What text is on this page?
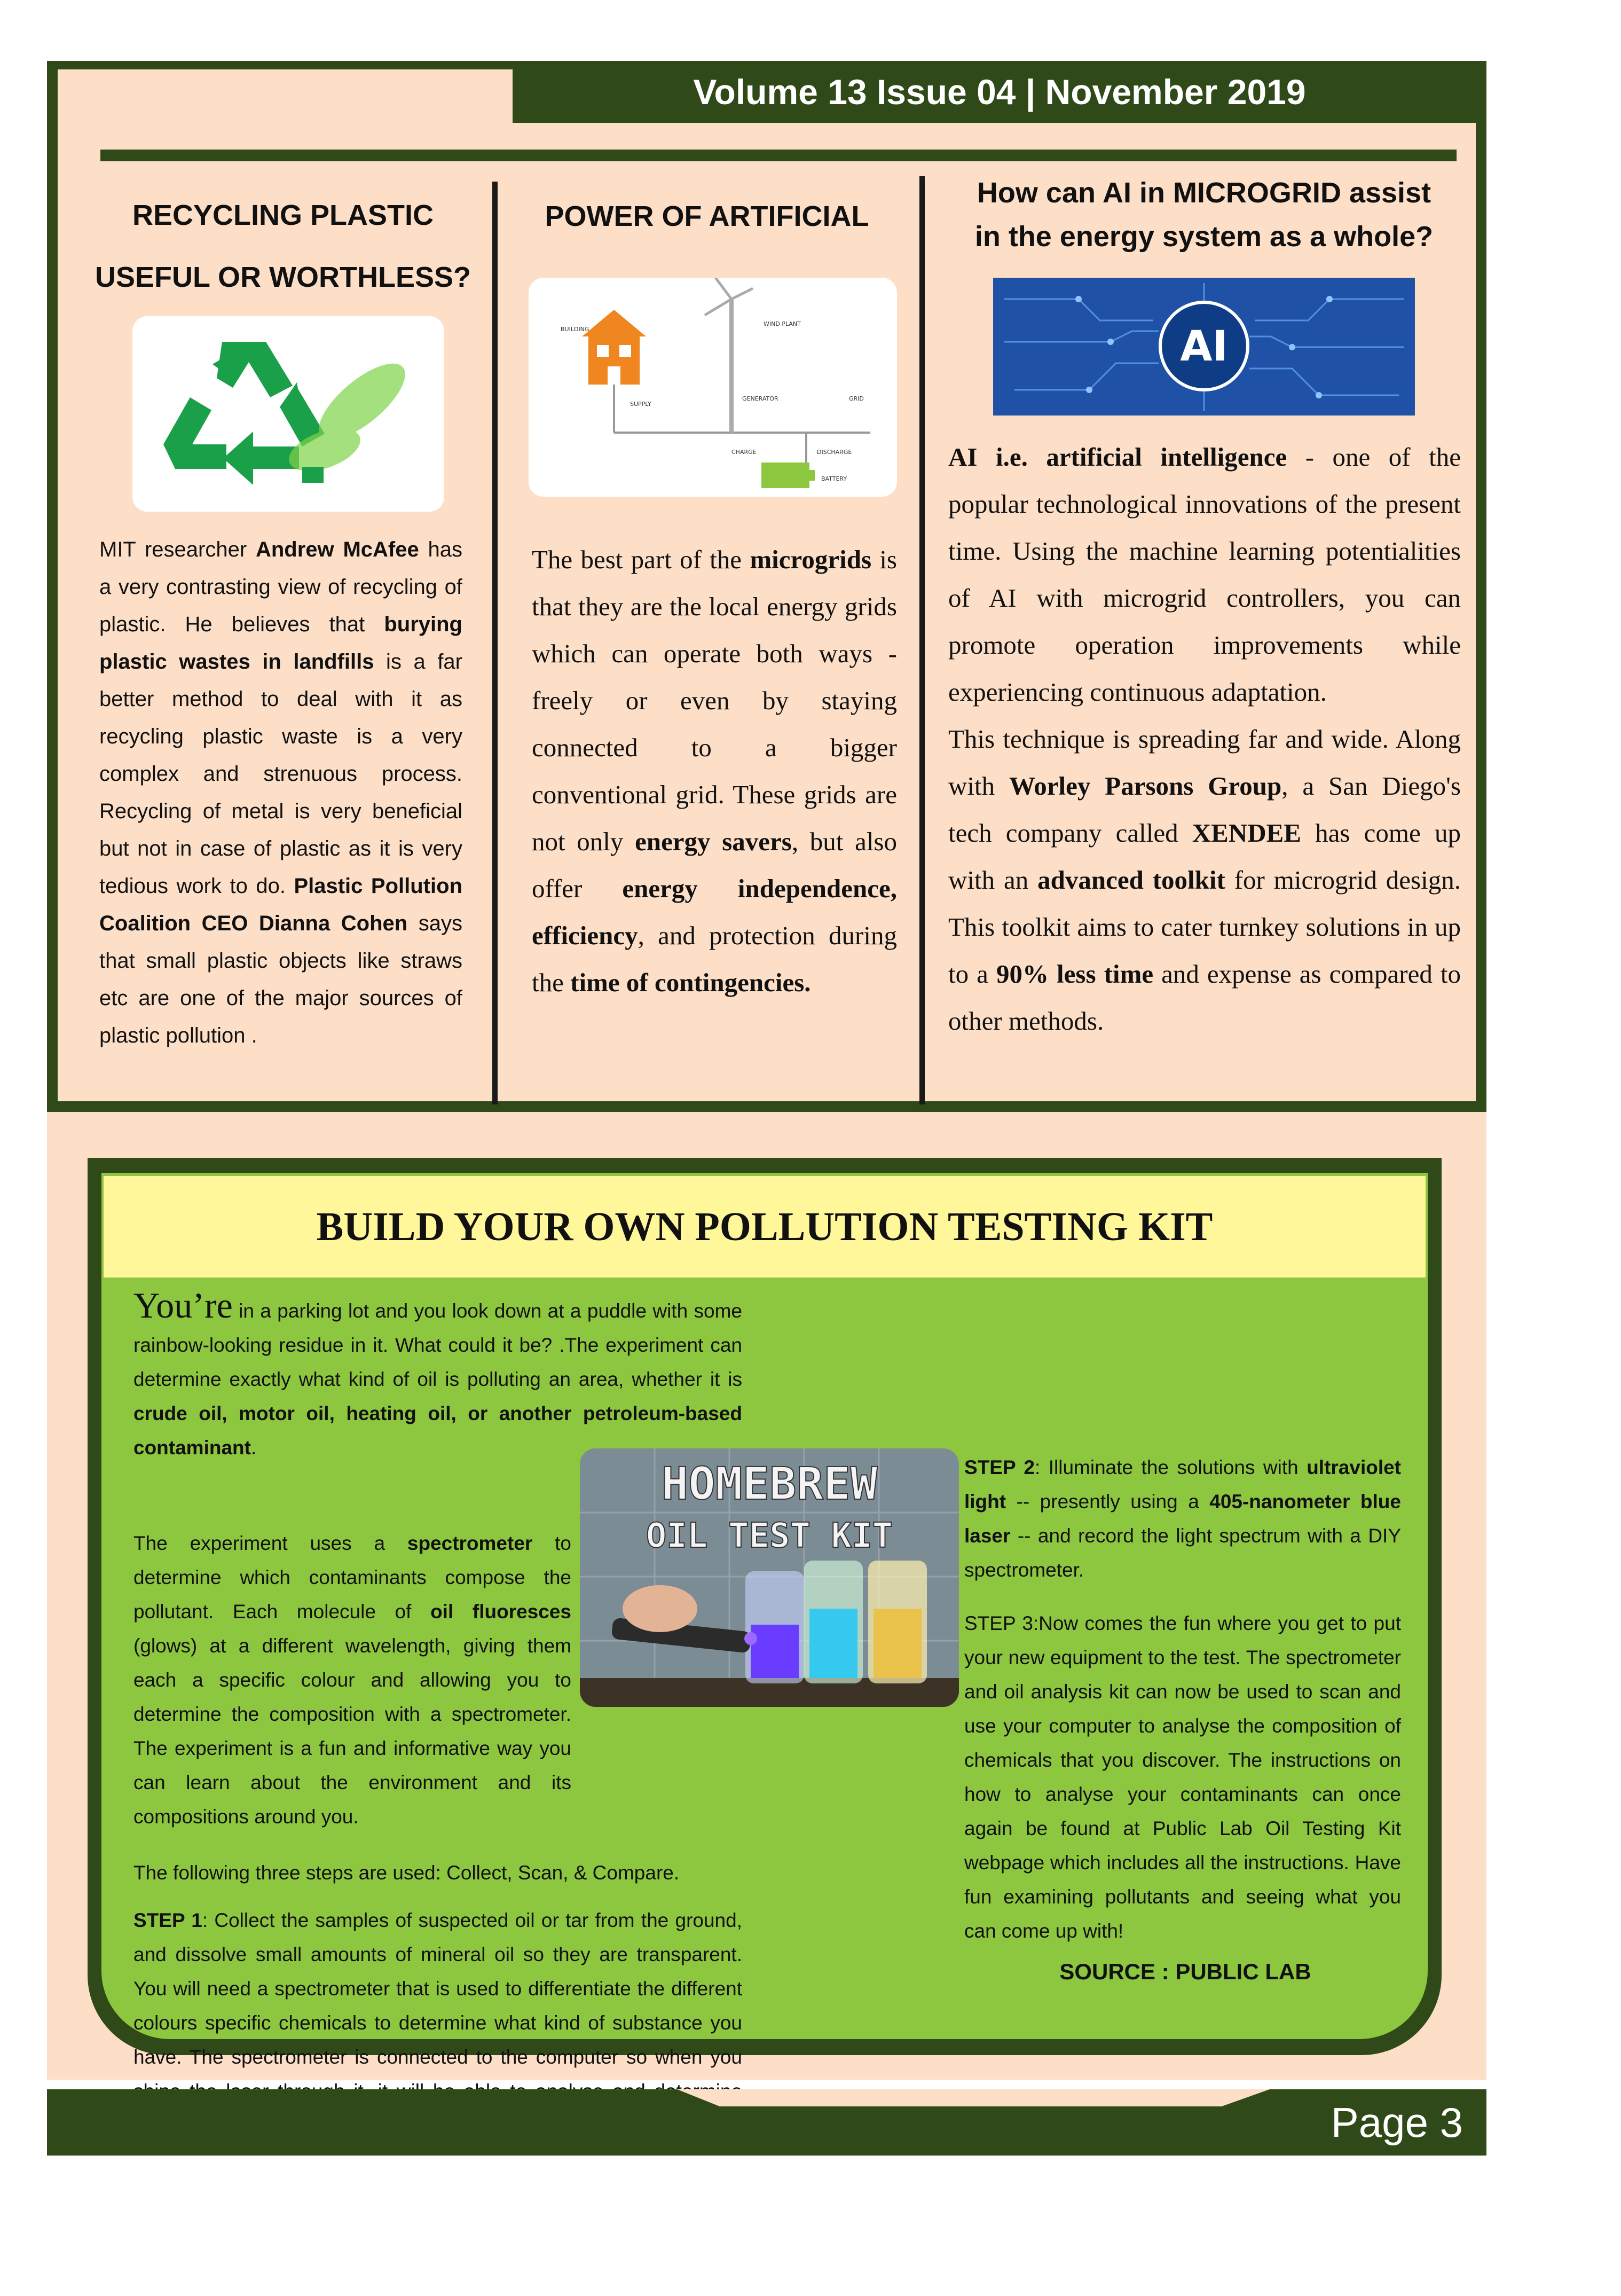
Volume 13 Issue 04 | November 2019
RECYCLING PLASTIC
USEFUL OR WORTHLESS?
MIT researcher Andrew McAfee has a very contrasting view of recycling of plastic. He believes that burying plastic wastes in landfills is a far better method to deal with it as recycling plastic waste is a very complex and strenuous process. Recycling of metal is very beneficial but not in case of plastic as it is very tedious work to do. Plastic Pollution Coalition CEO Dianna Cohen says that small plastic objects like straws etc are one of the major sources of plastic pollution .
POWER OF ARTIFICIAL
BUILDING
SUPPLY
WIND PLANT
GENERATOR	GRID
CHARGE	DISCHARGE
BATTERY
The best part of the microgrids is that they are the local energy grids which can operate both ways - freely or even by staying connected to a bigger conventional grid. These grids are not only energy savers, but also offer energy independence, efficiency, and protection during the time of contingencies.
How can AI in MICROGRID assist
in the energy system as a whole?
AI

AI i.e. artificial intelligence - one of the popular technological innovations of the present time. Using the machine learning potentialities of AI with microgrid controllers, you can promote operation improvements while experiencing continuous adaptation.

This technique is spreading far and wide. Along with Worley Parsons Group, a San Diego's tech company called XENDEE has come up with an advanced toolkit for microgrid design. This toolkit aims to cater turnkey solutions in up to a 90% less time and expense as compared to other methods.

BUILD YOUR OWN POLLUTION TESTING KIT
You’re in a parking lot and you look down at a puddle with some rainbow-looking residue in it. What could it be? .The experiment can determine exactly what kind of oil is polluting an area, whether it is crude oil, motor oil, heating oil, or another petroleum-based contaminant.
The experiment uses a spectrometer to determine which contaminants compose the pollutant. Each molecule of oil fluoresces (glows) at a different wavelength, giving them each a specific colour and allowing you to determine the composition with a spectrometer. The experiment is a fun and informative way you can learn about the environment and its compositions around you.
The following three steps are used: Collect, Scan, & Compare.
STEP 1: Collect the samples of suspected oil or tar from the ground, and dissolve small amounts of mineral oil so they are transparent. You will need a spectrometer that is used to differentiate the different colours specific chemicals to determine what kind of substance you have. The spectrometer is connected to the computer so when you
HOMEBREW
OIL TEST KIT
STEP 2: Illuminate the solutions with ultraviolet light -- presently using a 405-nanometer blue laser -- and record the light spectrum with a DIY spectrometer.
STEP 3:Now comes the fun where you get to put your new equipment to the test. The spectrometer and oil analysis kit can now be used to scan and use your computer to analyse the composition of chemicals that you discover. The instructions on how to analyse your contaminants can once again be found at Public Lab Oil Testing Kit webpage which includes all the instructions. Have fun examining pollutants and seeing what you can come up with!
SOURCE : PUBLIC LAB
Page 3
